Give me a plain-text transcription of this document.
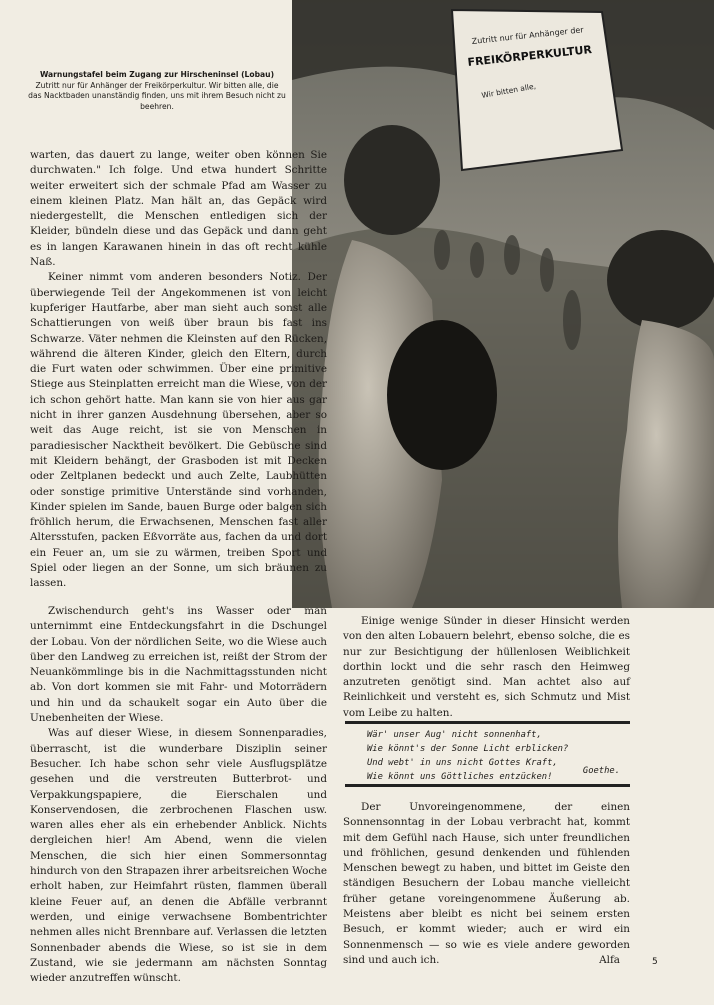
Warnungstafel beim Zugang zur Hirscheninsel (Lobau)
Zutritt nur für Anhänger der Freikörperkultur. Wir bitten alle, die das Nacktbaden unanständig finden, uns mit ihrem Besuch nicht zu beehren.
Zutritt nur für Anhänger der
FREIKÖRPERKULTUR
Wir bitten alle,

warten, das dauert zu lange, weiter oben können Sie durchwaten." Ich folge. Und etwa hundert Schritte weiter erweitert sich der schmale Pfad am Wasser zu einem kleinen Platz. Man hält an, das Gepäck wird niedergestellt, die Menschen entledigen sich der Kleider, bündeln diese und das Gepäck und dann geht es in langen Karawanen hinein in das oft recht kühle Naß.

Keiner nimmt vom anderen besonders Notiz. Der überwiegende Teil der Angekommenen ist von leicht kupferiger Hautfarbe, aber man sieht auch sonst alle Schattierungen von weiß über braun bis fast ins Schwarze. Väter nehmen die Kleinsten auf den Rücken, während die älteren Kinder, gleich den Eltern, durch die Furt waten oder schwimmen. Über eine primitive Stiege aus Steinplatten erreicht man die Wiese, von der ich schon gehört hatte. Man kann sie von hier aus gar nicht in ihrer ganzen Ausdehnung übersehen, aber so weit das Auge reicht, ist sie von Menschen in paradiesischer Nacktheit bevölkert. Die Gebüsche sind mit Kleidern behängt, der Grasboden ist mit Decken oder Zeltplanen bedeckt und auch Zelte, Laubhütten oder sonstige primitive Unterstände sind vorhanden, Kinder spielen im Sande, bauen Burge oder balgen sich fröhlich herum, die Erwachsenen, Menschen fast aller Altersstufen, packen Eßvorräte aus, fachen da und dort ein Feuer an, um sie zu wärmen, treiben Sport und Spiel oder liegen an der Sonne, um sich bräunen zu lassen.

Zwischendurch geht's ins Wasser oder man unternimmt eine Entdeckungsfahrt in die Dschungel der Lobau. Von der nördlichen Seite, wo die Wiese auch über den Landweg zu erreichen ist, reißt der Strom der Neuankömmlinge bis in die Nachmittagsstunden nicht ab. Von dort kommen sie mit Fahr- und Motorrädern und hin und da schaukelt sogar ein Auto über die Unebenheiten der Wiese.

Was auf dieser Wiese, in diesem Sonnenparadies, überrascht, ist die wunderbare Disziplin seiner Besucher. Ich habe schon sehr viele Ausflugsplätze gesehen und die verstreuten Butterbrot- und Verpakkungspapiere, die Eierschalen und Konservendosen, die zerbrochenen Flaschen usw. waren alles eher als ein erhebender Anblick. Nichts dergleichen hier! Am Abend, wenn die vielen Menschen, die sich hier einen Sommersonntag hindurch von den Strapazen ihrer arbeitsreichen Woche erholt haben, zur Heimfahrt rüsten, flammen überall kleine Feuer auf, an denen die Abfälle verbrannt werden, und einige verwachsene Bombentrichter nehmen alles nicht Brennbare auf. Verlassen die letzten Sonnenbader abends die Wiese, so ist sie in dem Zustand, wie sie jedermann am nächsten Sonntag wieder anzutreffen wünscht.

Einige wenige Sünder in dieser Hinsicht werden von den alten Lobauern belehrt, ebenso solche, die es nur zur Besichtigung der hüllenlosen Weiblichkeit dorthin lockt und die sehr rasch den Heimweg anzutreten genötigt sind. Man achtet also auf Reinlichkeit und versteht es, sich Schmutz und Mist vom Leibe zu halten.

Wär' unser Aug' nicht sonnenhaft,
Wie könnt's der Sonne Licht erblicken?
Und webt' in uns nicht Gottes Kraft,
Wie könnt uns Göttliches entzücken!
Goethe.

Der Unvoreingenommene, der einen Sonnensonntag in der Lobau verbracht hat, kommt mit dem Gefühl nach Hause, sich unter freundlichen und fröhlichen, gesund denkenden und fühlenden Menschen bewegt zu haben, und bittet im Geiste den ständigen Besuchern der Lobau manche vielleicht früher getane voreingenommene Äußerung ab. Meistens aber bleibt es nicht bei seinem ersten Besuch, er kommt wieder; auch er wird ein Sonnenmensch — so wie es viele andere geworden sind und auch ich.	Alfa	5
